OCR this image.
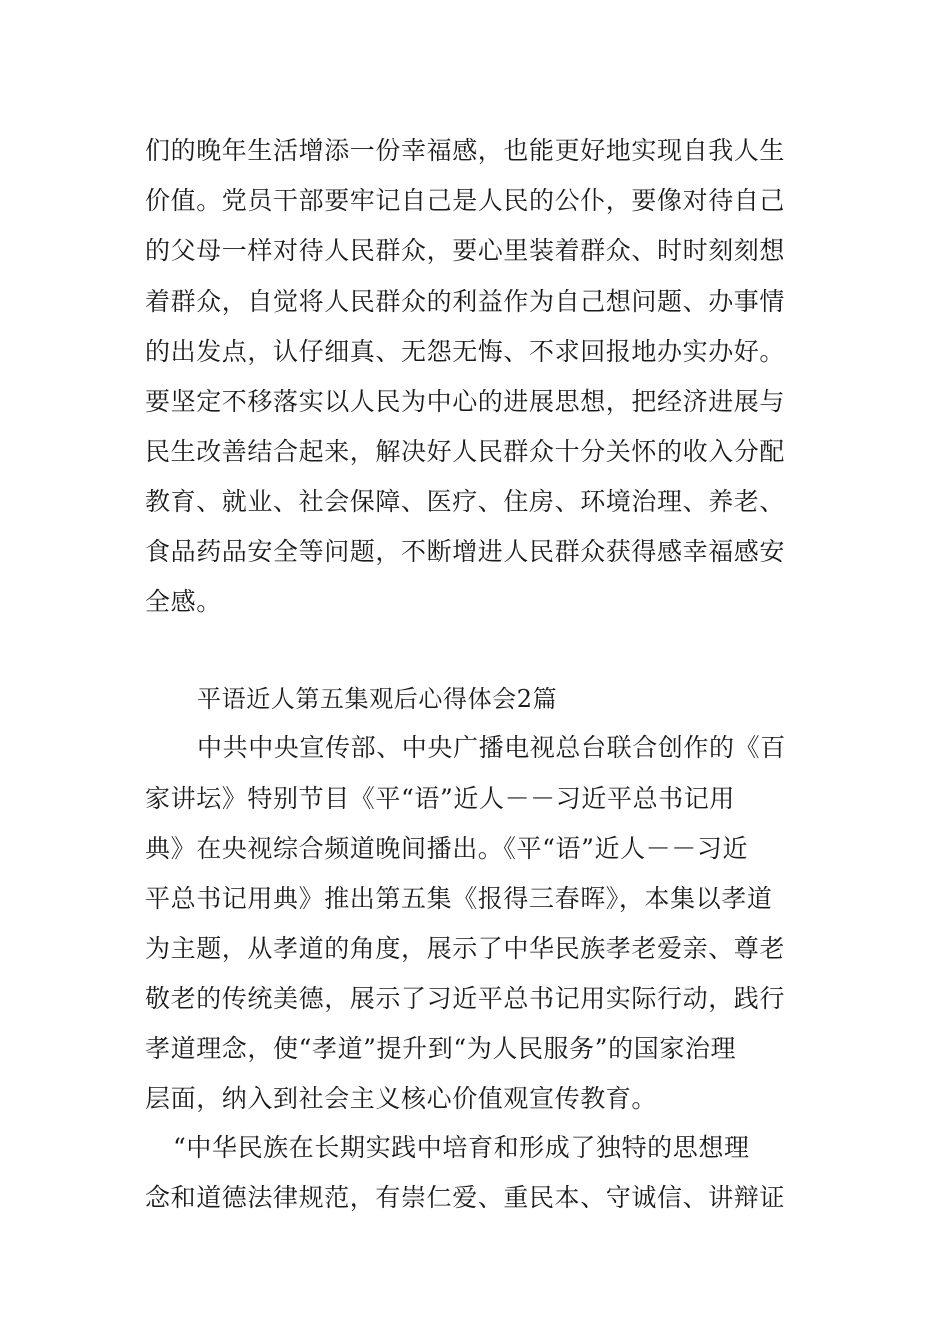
们的晚年生活增添一份幸福感，也能更好地实现自我人生
价值。党员干部要牢记自己是人民的公仆，要像对待自己
的父母一样对待人民群众，要心里装着群众、时时刻刻想
着群众，自觉将人民群众的利益作为自己想问题、办事情
的出发点，认仔细真、无怨无悔、不求回报地办实办好。
要坚定不移落实以人民为中心的进展思想，把经济进展与
民生改善结合起来，解决好人民群众十分关怀的收入分配
教育、就业、社会保障、医疗、住房、环境治理、养老、
食品药品安全等问题，不断增进人民群众获得感幸福感安
全感。
平语近人第五集观后心得体会2篇
中共中央宣传部、中央广播电视总台联合创作的《百
家讲坛》特别节目《平“语”近人－－习近平总书记用
典》在央视综合频道晚间播出。《平“语”近人－－习近
平总书记用典》推出第五集《报得三春晖》，本集以孝道
为主题，从孝道的角度，展示了中华民族孝老爱亲、尊老
敬老的传统美德，展示了习近平总书记用实际行动，践行
孝道理念，使“孝道”提升到“为人民服务”的国家治理
层面，纳入到社会主义核心价值观宣传教育。
“中华民族在长期实践中培育和形成了独特的思想理
念和道德法律规范，有崇仁爱、重民本、守诚信、讲辩证
